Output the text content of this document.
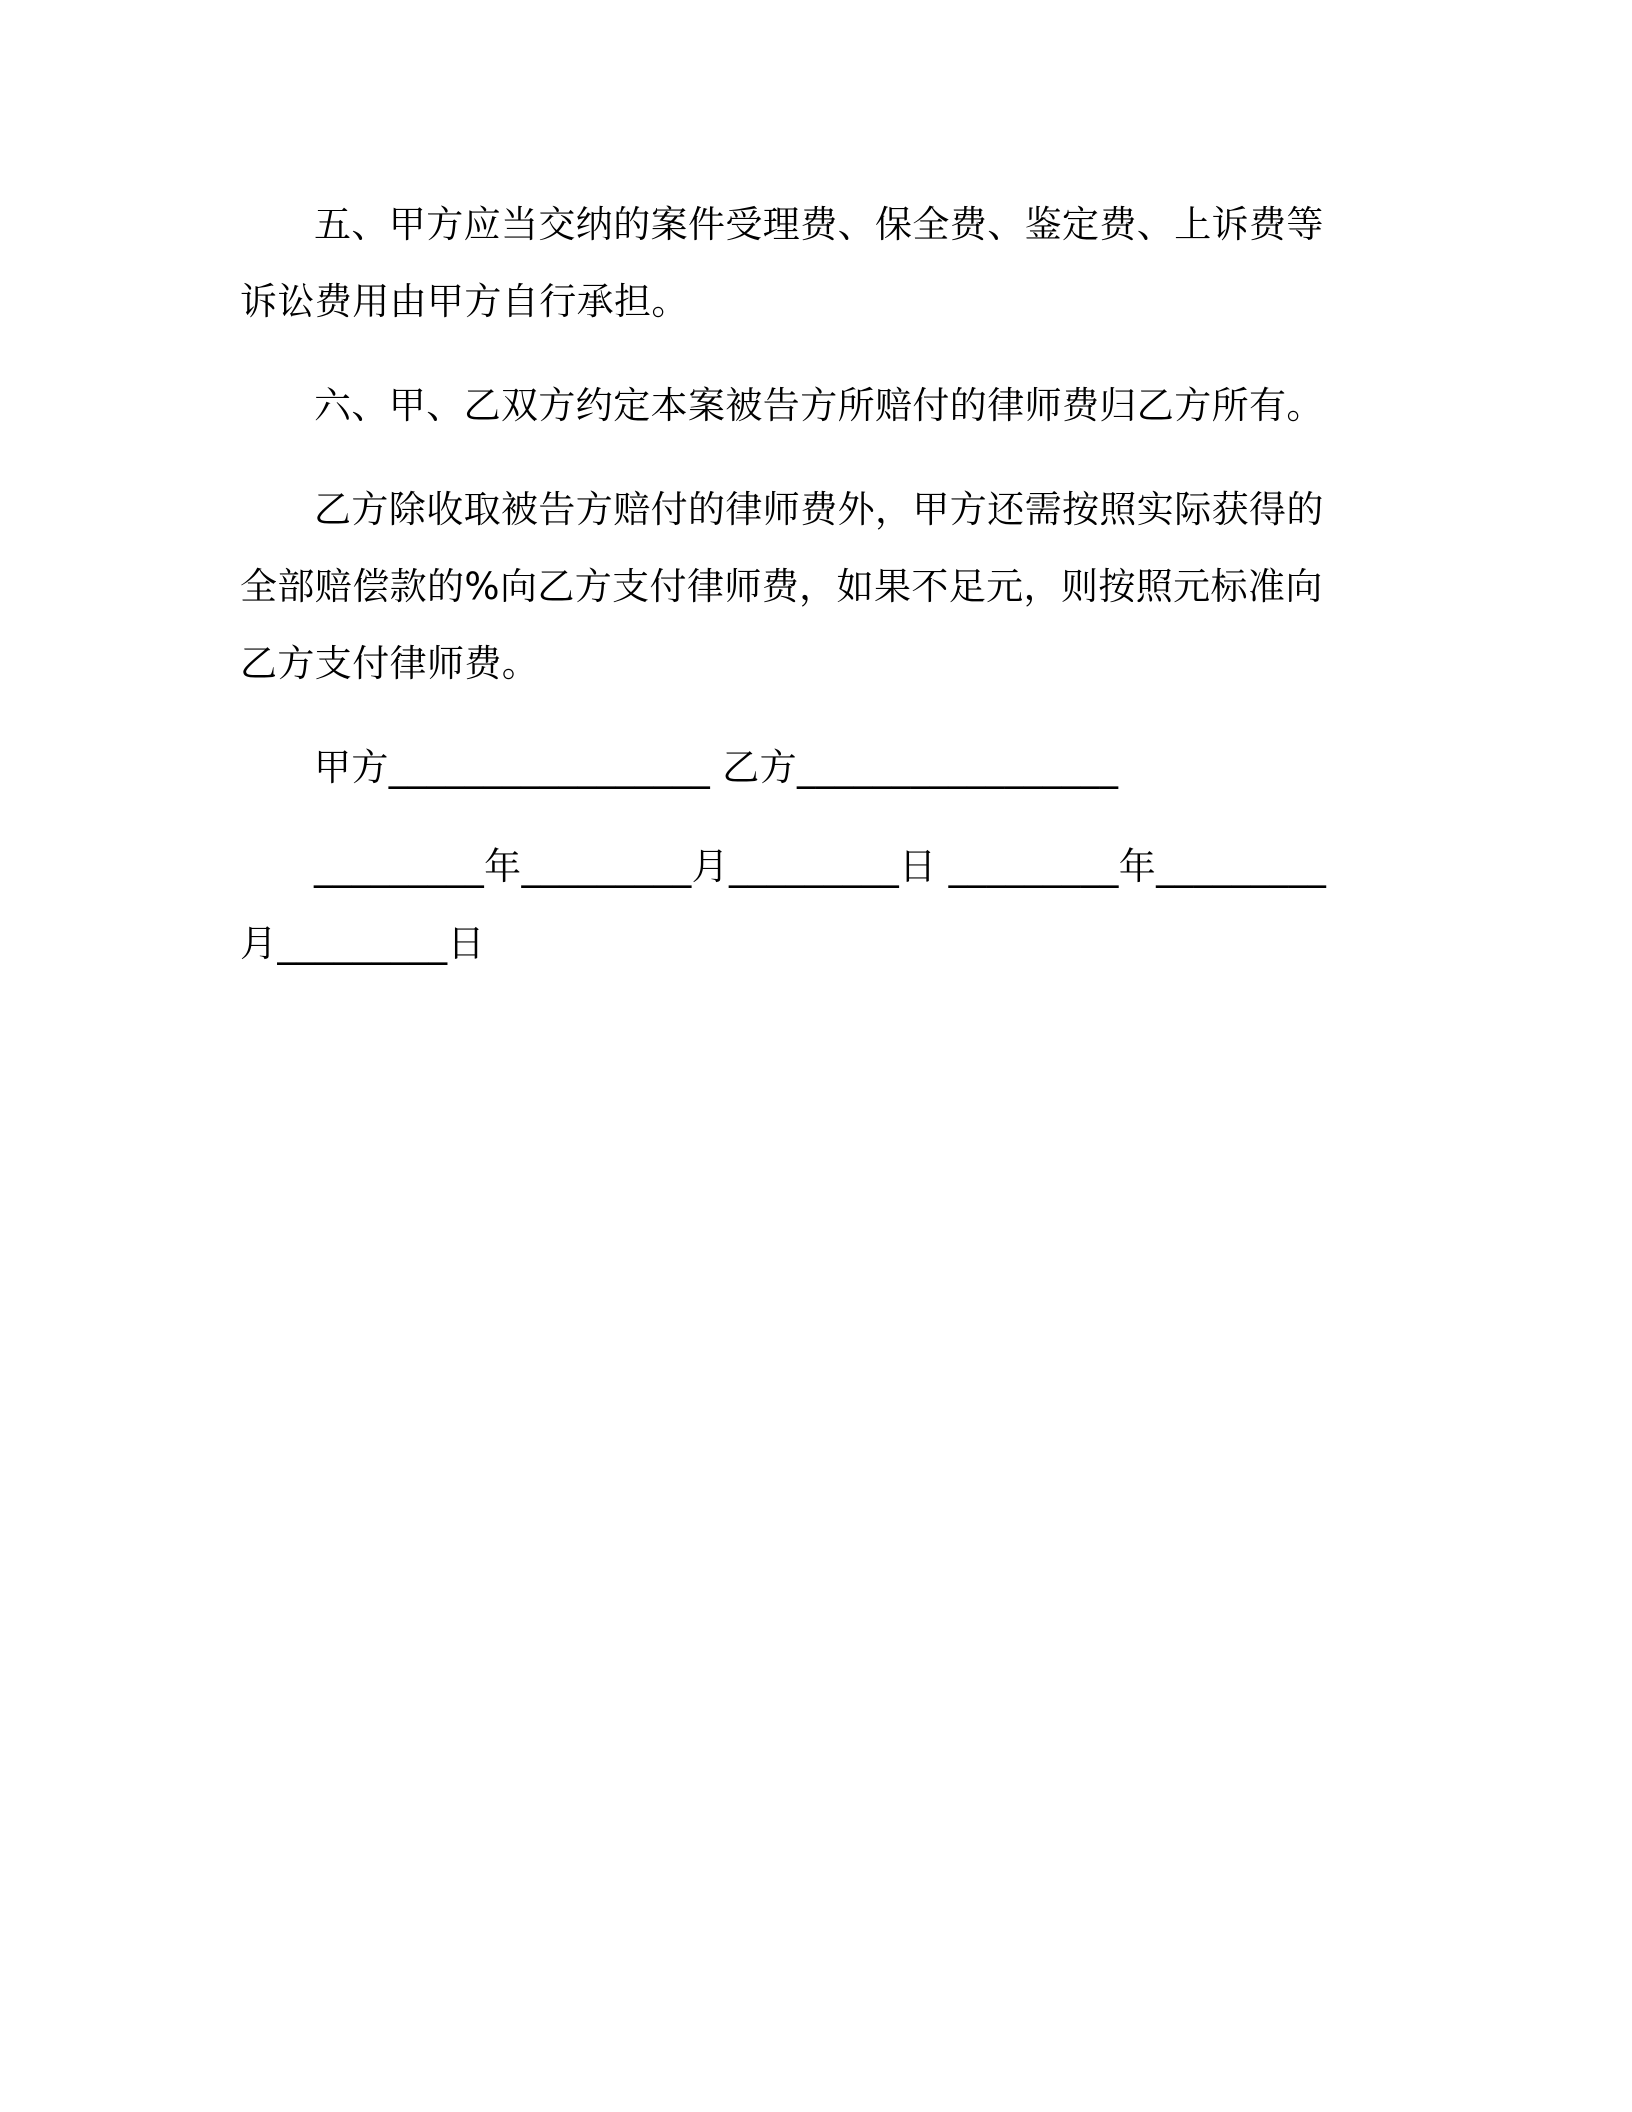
五、甲方应当交纳的案件受理费、保全费、鉴定费、上诉费等诉讼费用由甲方自行承担。

六、甲、乙双方约定本案被告方所赔付的律师费归乙方所有。

乙方除收取被告方赔付的律师费外，甲方还需按照实际获得的全部赔偿款的%向乙方支付律师费，如果不足元，则按照元标准向乙方支付律师费。

甲方_________________ 乙方_________________

_________年_________月_________日 _________年_________月_________日
